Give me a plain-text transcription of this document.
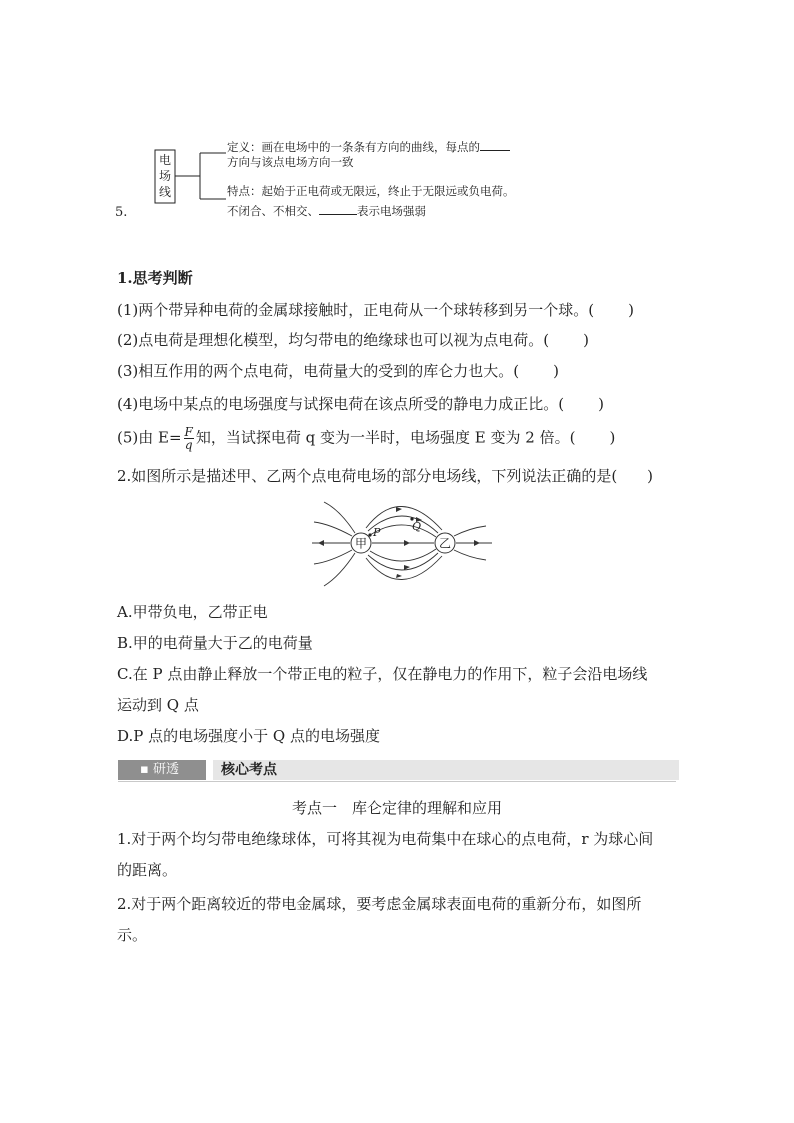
5.
电场线
定义：画在电场中的一条条有方向的曲线，每点的
方向与该点电场方向一致
特点：起始于正电荷或无限远，终止于无限远或负电荷。
不闭合、不相交、	表示电场强弱
1.思考判断
(1)两个带异种电荷的金属球接触时，正电荷从一个球转移到另一个球。( )
(2)点电荷是理想化模型，均匀带电的绝缘球也可以视为点电荷。( )
(3)相互作用的两个点电荷，电荷量大的受到的库仑力也大。( )
(4)电场中某点的电场强度与试探电荷在该点所受的静电力成正比。( )
(5)由 $E= \frac{F}{q}$ 知，当试探电荷 q 变为一半时，电场强度 E 变为 2 倍。( )
2.如图所示是描述甲、乙两个点电荷电场的部分电场线，下列说法正确的是( )
甲	乙
P	Q
A.甲带负电，乙带正电
B.甲的电荷量大于乙的电荷量
C.在 P 点由静止释放一个带正电的粒子，仅在静电力的作用下，粒子会沿电场线
运动到 Q 点
D.P 点的电场强度小于 Q 点的电场强度
▪ 研透	核心考点
考点一　库仑定律的理解和应用
1.对于两个均匀带电绝缘球体，可将其视为电荷集中在球心的点电荷，r 为球心间
的距离。
2.对于两个距离较近的带电金属球，要考虑金属球表面电荷的重新分布，如图所
示。
